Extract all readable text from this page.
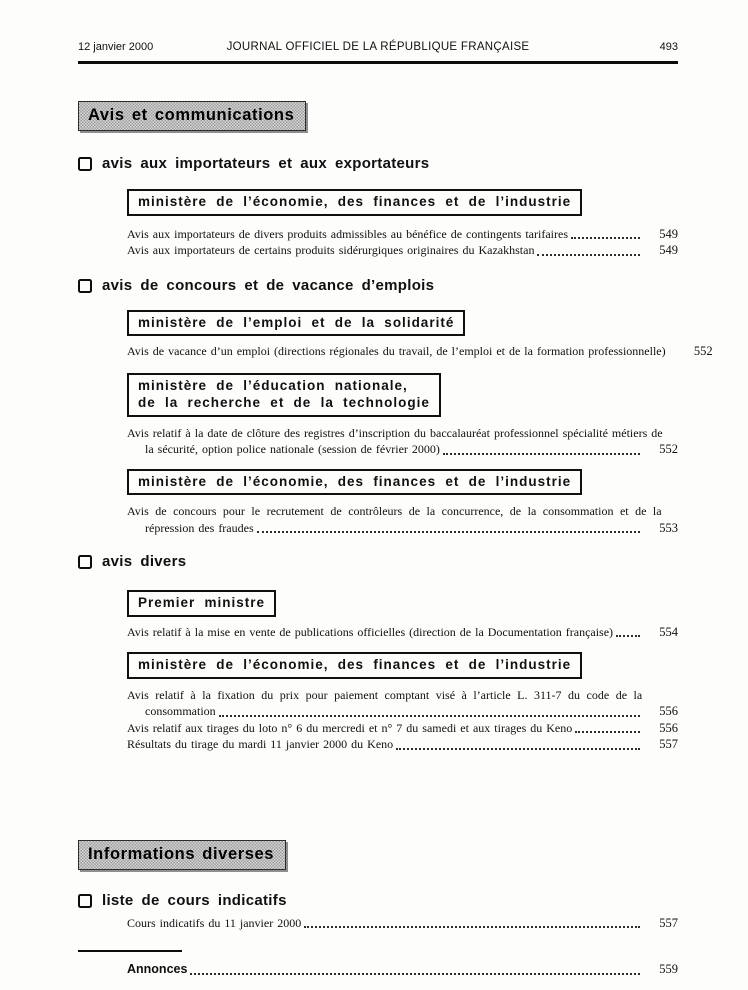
12 janvier 2000	JOURNAL OFFICIEL DE LA RÉPUBLIQUE FRANÇAISE	493
Avis et communications
avis aux importateurs et aux exportateurs
ministère de l’économie, des finances et de l’industrie
Avis aux importateurs de divers produits admissibles au bénéfice de contingents tarifaires	549
Avis aux importateurs de certains produits sidérurgiques originaires du Kazakhstan	549
avis de concours et de vacance d’emplois
ministère de l’emploi et de la solidarité
Avis de vacance d’un emploi (directions régionales du travail, de l’emploi et de la formation professionnelle)	552
ministère de l’éducation nationale,
de la recherche et de la technologie
Avis relatif à la date de clôture des registres d’inscription du baccalauréat professionnel spécialité métiers de
la sécurité, option police nationale (session de février 2000)	552
ministère de l’économie, des finances et de l’industrie
Avis de concours pour le recrutement de contrôleurs de la concurrence, de la consommation et de la
répression des fraudes	553
avis divers
Premier ministre
Avis relatif à la mise en vente de publications officielles (direction de la Documentation française)	554
ministère de l’économie, des finances et de l’industrie
Avis relatif à la fixation du prix pour paiement comptant visé à l’article L. 311-7 du code de la
consommation	556
Avis relatif aux tirages du loto n° 6 du mercredi et n° 7 du samedi et aux tirages du Keno	556
Résultats du tirage du mardi 11 janvier 2000 du Keno	557
Informations diverses
liste de cours indicatifs
Cours indicatifs du 11 janvier 2000	557
Annonces	559
